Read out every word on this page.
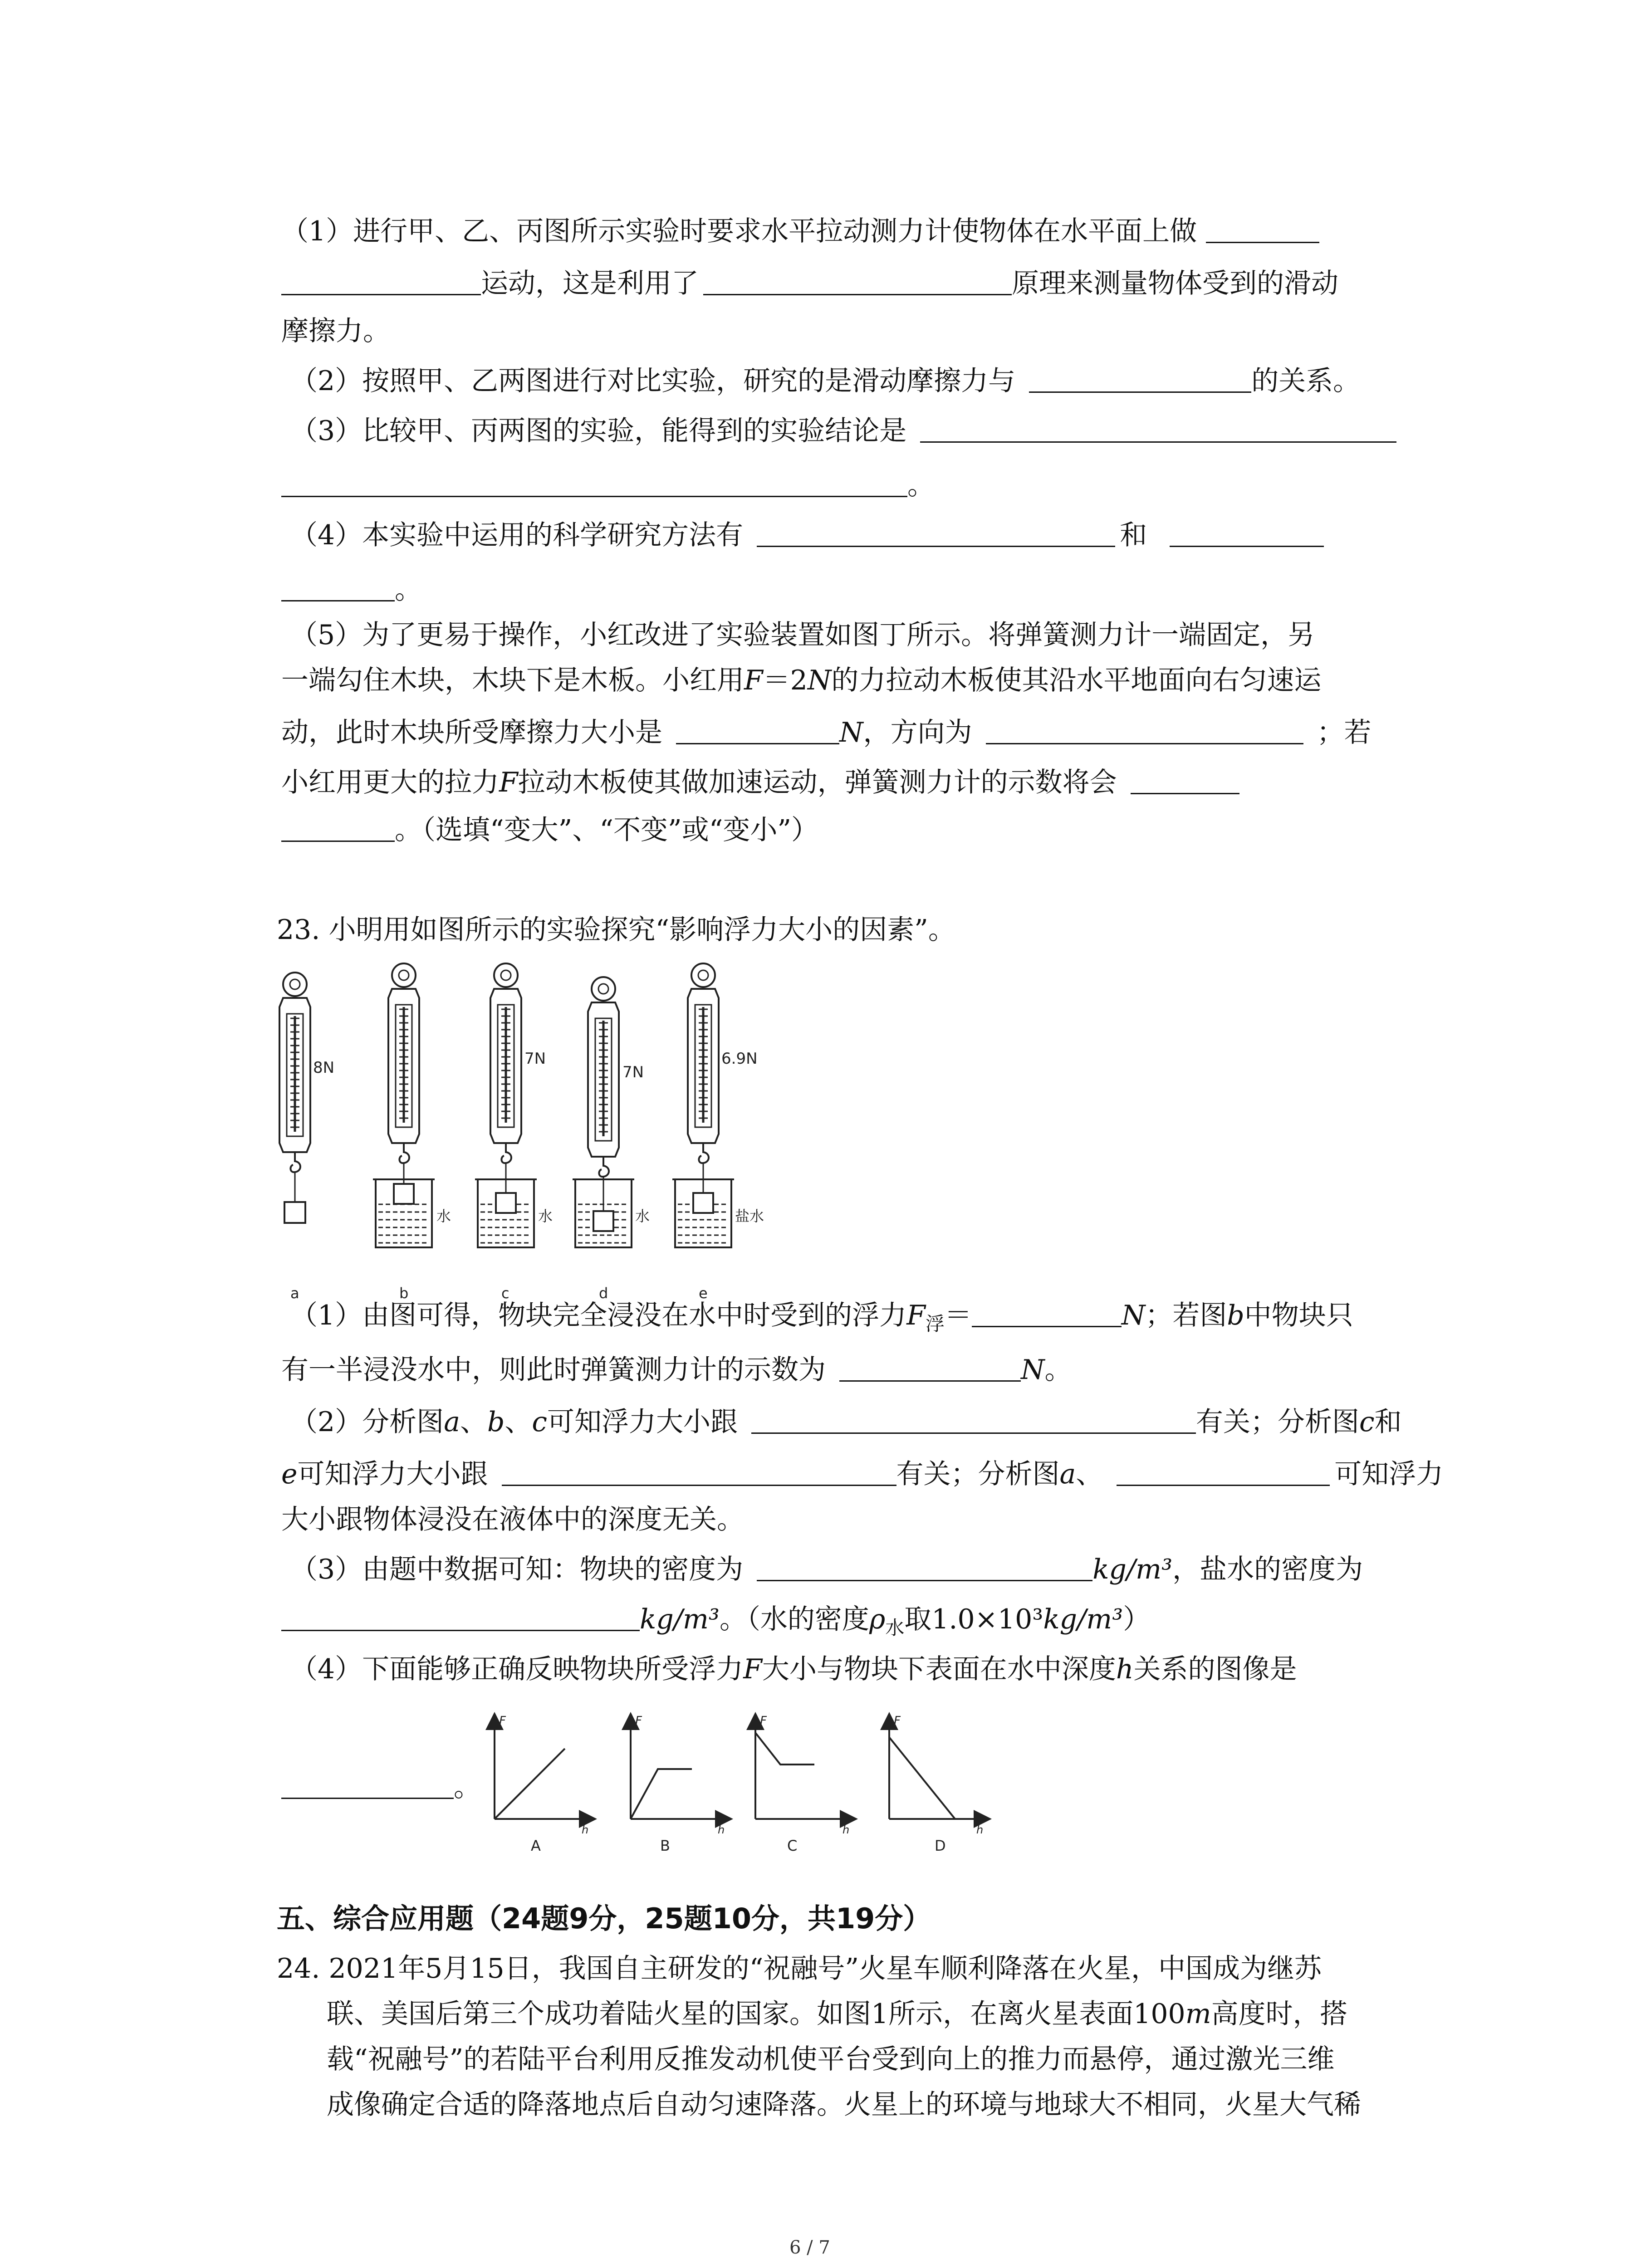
（1）进行甲、乙、丙图所示实验时要求水平拉动测力计使物体在水平面上做
运动，这是利用了	原理来测量物体受到的滑动
摩擦力。
（2）按照甲、乙两图进行对比实验，研究的是滑动摩擦力与	的关系。
（3）比较甲、丙两图的实验，能得到的实验结论是
。
（4）本实验中运用的科学研究方法有	和
。
（5）为了更易于操作，小红改进了实验装置如图丁所示。将弹簧测力计一端固定，另
一端勾住木块，木块下是木板。小红用F＝2N的力拉动木板使其沿水平地面向右匀速运
动，此时木块所受摩擦力大小是	N，方向为	；若
小红用更大的拉力F拉动木板使其做加速运动，弹簧测力计的示数将会
。（选填“变大”、“不变”或“变小”）
23. 小明用如图所示的实验探究“影响浮力大小的因素”。
8N	7N
7N
6.9N
水	水	水	盐水
a	b	c	d	e
（1）由图可得，物块完全浸没在水中时受到的浮力$F_浮=$	N；若图b中物块只
有一半浸没水中，则此时弹簧测力计的示数为	N。
（2）分析图a、b、c可知浮力大小跟	有关；分析图c和
e可知浮力大小跟	有关；分析图a、	可知浮力
大小跟物体浸没在液体中的深度无关。
（3）由题中数据可知：物块的密度为	kg/m³，盐水的密度为
kg/m³。（水的密度$\rho_水$取1.0×10³kg/m³）
（4）下面能够正确反映物块所受浮力F大小与物块下表面在水中深度h关系的图像是
。
F
h
A
F
h
B
F
h
C
F
h
D
五、综合应用题（24题9分，25题10分，共19分）
24. 2021年5月15日，我国自主研发的“祝融号”火星车顺利降落在火星，中国成为继苏
联、美国后第三个成功着陆火星的国家。如图1所示，在离火星表面100m高度时，搭
载“祝融号”的若陆平台利用反推发动机使平台受到向上的推力而悬停，通过激光三维
成像确定合适的降落地点后自动匀速降落。火星上的环境与地球大不相同，火星大气稀
6 / 7
